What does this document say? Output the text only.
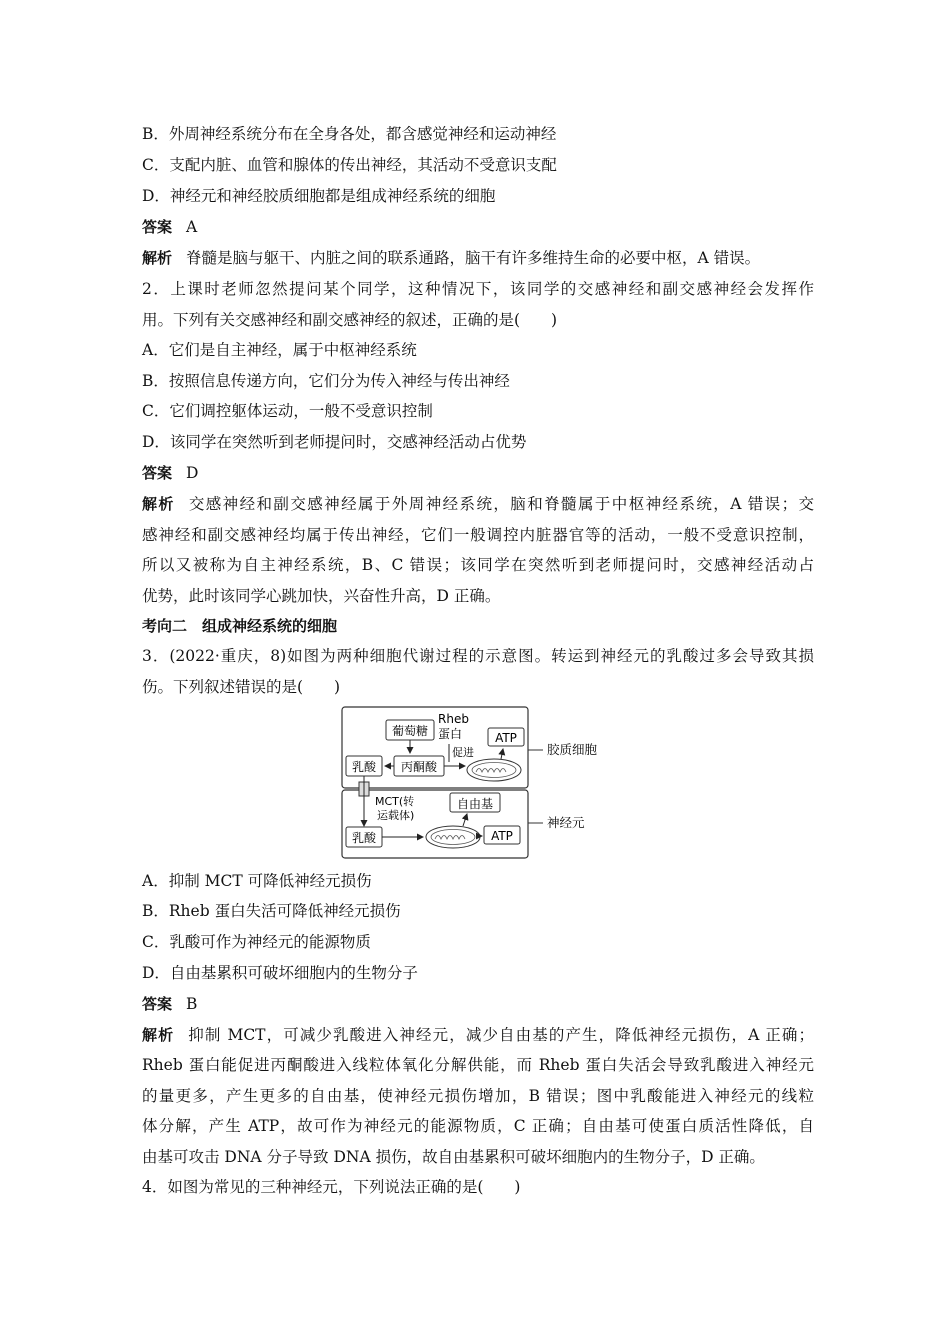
B．外周神经系统分布在全身各处，都含感觉神经和运动神经
C．支配内脏、血管和腺体的传出神经，其活动不受意识支配
D．神经元和神经胶质细胞都是组成神经系统的细胞
答案 A
解析 脊髓是脑与躯干、内脏之间的联系通路，脑干有许多维持生命的必要中枢，A 错误。
2．上课时老师忽然提问某个同学，这种情况下，该同学的交感神经和副交感神经会发挥作
用。下列有关交感神经和副交感神经的叙述，正确的是(　　)
A．它们是自主神经，属于中枢神经系统
B．按照信息传递方向，它们分为传入神经与传出神经
C．它们调控躯体运动，一般不受意识控制
D．该同学在突然听到老师提问时，交感神经活动占优势
答案 D
解析 交感神经和副交感神经属于外周神经系统，脑和脊髓属于中枢神经系统，A 错误；交
感神经和副交感神经均属于传出神经，它们一般调控内脏器官等的活动，一般不受意识控制，
所以又被称为自主神经系统，B、C 错误；该同学在突然听到老师提问时，交感神经活动占
优势，此时该同学心跳加快，兴奋性升高，D 正确。
考向二　组成神经系统的细胞
3．(2022·重庆，8)如图为两种细胞代谢过程的示意图。转运到神经元的乳酸过多会导致其损
伤。下列叙述错误的是(　　)
葡萄糖
Rheb
蛋白
促进
ATP
乳酸 丙酮酸
胶质细胞
MCT(转
运载体)
自由基
乳酸	ATP
神经元
A．抑制 MCT 可降低神经元损伤
B．Rheb 蛋白失活可降低神经元损伤
C．乳酸可作为神经元的能源物质
D．自由基累积可破坏细胞内的生物分子
答案 B
解析 抑制 MCT，可减少乳酸进入神经元，减少自由基的产生，降低神经元损伤，A 正确；
Rheb 蛋白能促进丙酮酸进入线粒体氧化分解供能，而 Rheb 蛋白失活会导致乳酸进入神经元
的量更多，产生更多的自由基，使神经元损伤增加，B 错误；图中乳酸能进入神经元的线粒
体分解，产生 ATP，故可作为神经元的能源物质，C 正确；自由基可使蛋白质活性降低，自
由基可攻击 DNA 分子导致 DNA 损伤，故自由基累积可破坏细胞内的生物分子，D 正确。
4．如图为常见的三种神经元，下列说法正确的是(　　)
